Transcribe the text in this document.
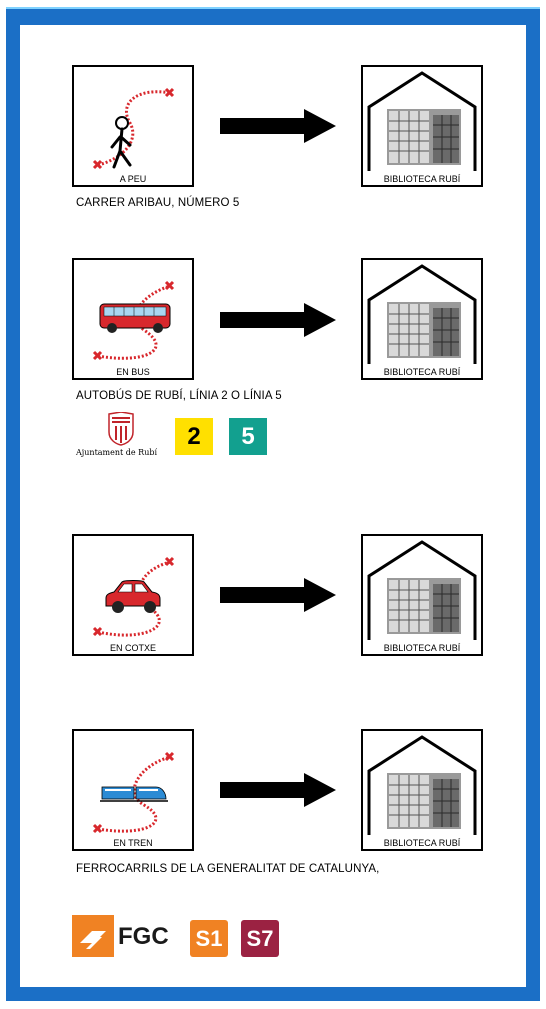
A PEU	BIBLIOTECA RUBÍ
CARRER ARIBAU, NÚMERO 5
EN BUS	BIBLIOTECA RUBÍ
AUTOBÚS DE RUBÍ, LÍNIA 2 O LÍNIA 5
Ajuntament de Rubí
2	5
EN COTXE	BIBLIOTECA RUBÍ
EN TREN	BIBLIOTECA RUBÍ
FERROCARRILS DE LA GENERALITAT DE CATALUNYA,
FGC S1 S7
